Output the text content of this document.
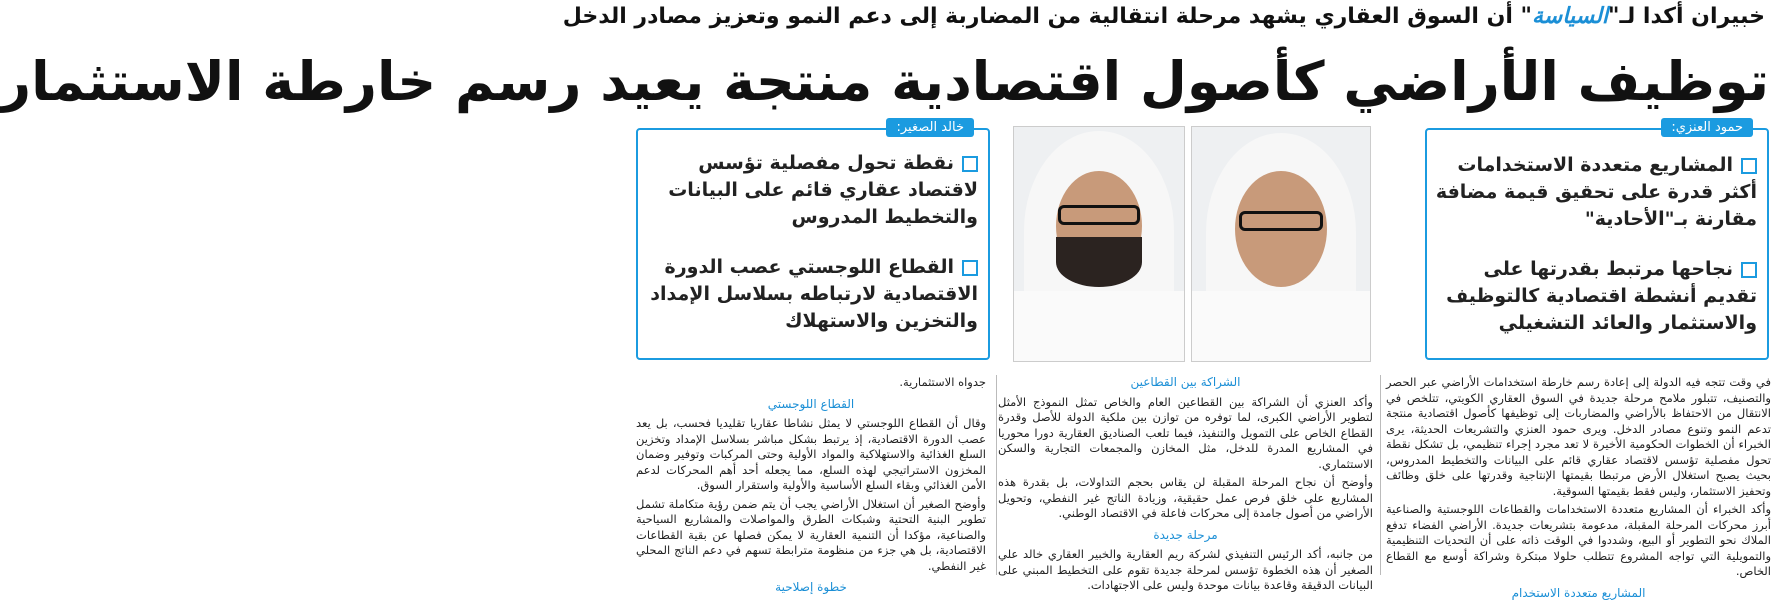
خبيران أكدا لـ"السياسة" أن السوق العقاري يشهد مرحلة انتقالية من المضاربة إلى دعم النمو وتعزيز مصادر الدخل
توظيف الأراضي كأصول اقتصادية منتجة يعيد رسم خارطة الاستثمار
حمود العنزي:
المشاريع متعددة الاستخدامات أكثر قدرة على تحقيق قيمة مضافة مقارنة بـ"الأحادية"
نجاحها مرتبط بقدرتها على تقديم أنشطة اقتصادية كالتوظيف والاستثمار والعائد التشغيلي
خالد الصغير:
نقطة تحول مفصلية تؤسس لاقتصاد عقاري قائم على البيانات والتخطيط المدروس
القطاع اللوجستي عصب الدورة الاقتصادية لارتباطه بسلاسل الإمداد والتخزين والاستهلاك

في وقت تتجه فيه الدولة إلى إعادة رسم خارطة استخدامات الأراضي عبر الحصر والتصنيف، تتبلور ملامح مرحلة جديدة في السوق العقاري الكويتي، تتلخص في الانتقال من الاحتفاظ بالأراضي والمضاربات إلى توظيفها كأصول اقتصادية منتجة تدعم النمو وتنوع مصادر الدخل. ويرى حمود العنزي والتشريعات الحديثة، يرى الخبراء أن الخطوات الحكومية الأخيرة لا تعد مجرد إجراء تنظيمي، بل تشكل نقطة تحول مفصلية تؤسس لاقتصاد عقاري قائم على البيانات والتخطيط المدروس، بحيث يصبح استغلال الأرض مرتبطا بقيمتها الإنتاجية وقدرتها على خلق وظائف وتحفيز الاستثمار، وليس فقط بقيمتها السوقية.

وأكد الخبراء أن المشاريع متعددة الاستخدامات والقطاعات اللوجستية والصناعية أبرز محركات المرحلة المقبلة، مدعومة بتشريعات جديدة. الأراضي الفضاء تدفع الملاك نحو التطوير أو البيع، وشددوا في الوقت ذاته على أن التحديات التنظيمية والتمويلية التي تواجه المشروع تتطلب حلولا مبتكرة وشراكة أوسع مع القطاع الخاص.

المشاريع متعددة الاستخدام
الشراكة بين القطاعين

وأكد العنزي أن الشراكة بين القطاعين العام والخاص تمثل النموذج الأمثل لتطوير الأراضي الكبرى، لما توفره من توازن بين ملكية الدولة للأصل وقدرة القطاع الخاص على التمويل والتنفيذ، فيما تلعب الصناديق العقارية دورا محوريا في المشاريع المدرة للدخل، مثل المخازن والمجمعات التجارية والسكن الاستثماري.

وأوضح أن نجاح المرحلة المقبلة لن يقاس بحجم التداولات، بل بقدرة هذه المشاريع على خلق فرص عمل حقيقية، وزيادة الناتج غير النفطي، وتحويل الأراضي من أصول جامدة إلى محركات فاعلة في الاقتصاد الوطني.

مرحلة جديدة

من جانبه، أكد الرئيس التنفيذي لشركة ريم العقارية والخبير العقاري خالد علي الصغير أن هذه الخطوة تؤسس لمرحلة جديدة تقوم على التخطيط المبني على البيانات الدقيقة وقاعدة بيانات موحدة وليس على الاجتهادات.

جدواه الاستثمارية.

القطاع اللوجستي

وقال أن القطاع اللوجستي لا يمثل نشاطا عقاريا تقليديا فحسب، بل يعد عصب الدورة الاقتصادية، إذ يرتبط بشكل مباشر بسلاسل الإمداد وتخزين السلع الغذائية والاستهلاكية والمواد الأولية وحتى المركبات وتوفير وضمان المخزون الاستراتيجي لهذه السلع، مما يجعله أحد أهم المحركات لدعم الأمن الغذائي وبقاء السلع الأساسية والأولية واستقرار السوق.

وأوضح الصغير أن استغلال الأراضي يجب أن يتم ضمن رؤية متكاملة تشمل تطوير البنية التحتية وشبكات الطرق والمواصلات والمشاريع السياحية والصناعية، مؤكدا أن التنمية العقارية لا يمكن فصلها عن بقية القطاعات الاقتصادية، بل هي جزء من منظومة مترابطة تسهم في دعم الناتج المحلي غير النفطي.

خطوة إصلاحية
